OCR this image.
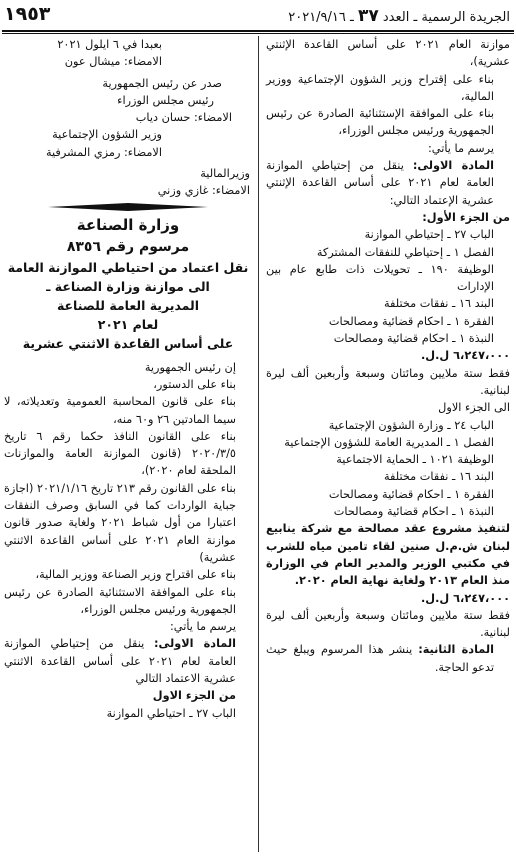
١٩٥٣	الجريدة الرسمية ـ العدد ٣٧ ـ ٢٠٢١/٩/١٦

موازنة العام ٢٠٢١ على أساس القاعدة الإثنتي عشرية)،

بناء على إقتراح وزير الشؤون الإجتماعية ووزير المالية،

بناء على الموافقة الإستثنائية الصادرة عن رئيس الجمهورية ورئيس مجلس الوزراء،

يرسم ما يأتي:

المادة الاولى: ينقل من إحتياطي الموازنة العامة لعام ٢٠٢١ على أساس القاعدة الإثنتي عشرية الإعتماد التالي:

من الجزء الأول:

الباب ٢٧ ـ إحتياطي الموازنة

الفصل ١ ـ إحتياطي للنفقات المشتركة

الوظيفة ١٩٠ ـ تحويلات ذات طابع عام بين الإدارات

البند ١٦ ـ نفقات مختلفة

الفقرة ١ ـ احكام قضائية ومصالحات

النبذة ١ ـ احكام قضائية ومصالحات

٦،٢٤٧،٠٠٠ ل.ل.

فقط ستة ملايين ومائتان وسبعة وأربعين ألف ليرة لبنانية.

الى الجزء الاول

الباب ٢٤ ـ وزارة الشؤون الإجتماعية

الفصل ١ ـ المديرية العامة للشؤون الإجتماعية

الوظيفة ١٠٢١ ـ الحماية الاجتماعية

البند ١٦ ـ نفقات مختلفة

الفقرة ١ ـ احكام قضائية ومصالحات

النبذة ١ ـ احكام قضائية ومصالحات

لتنفيذ مشروع عقد مصالحة مع شركة ينابيع لبنان ش.م.ل صنين لقاء تامين مياه للشرب في مكتبي الوزير والمدير العام في الوزارة منذ العام ٢٠١٣ ولغاية نهاية العام ٢٠٢٠.

٦،٢٤٧،٠٠٠ ل.ل.

فقط ستة ملايين ومائتان وسبعة وأربعين ألف ليرة لبنانية.

المادة الثانية: ينشر هذا المرسوم ويبلغ حيث تدعو الحاجة.

بعبدا في ٦ ايلول ٢٠٢١

الامضاء: ميشال عون

صدر عن رئيس الجمهورية

رئيس مجلس الوزراء

الامضاء: حسان دياب

وزير الشؤون الإجتماعية

الامضاء: رمزي المشرفية

وزيرالمالية

الامضاء: غازي وزني

وزارة الصناعة
مرسوم رقم ٨٣٥٦
نقل اعتماد من احتياطي الموازنة العامة
الى موازنة وزارة الصناعة ـ
المديرية العامة للصناعة
لعام ٢٠٢١
على أساس القاعدة الاثنتي عشرية

إن رئيس الجمهورية

بناء على الدستور،

بناء على قانون المحاسبة العمومية وتعديلاته، لا سيما المادتين ٢٦ و٦٠ منه،

بناء على القانون النافذ حكما رقم ٦ تاريخ ٢٠٢٠/٣/٥ (قانون الموازنة العامة والموازنات الملحقة لعام ٢٠٢٠)،

بناء على القانون رقم ٢١٣ تاريخ ٢٠٢١/١/١٦ (اجازة جباية الواردات كما في السابق وصرف النفقات اعتبارا من أول شباط ٢٠٢١ ولغاية صدور قانون موازنة العام ٢٠٢١ على أساس القاعدة الاثنتي عشرية)

بناء على اقتراح وزير الصناعة ووزير المالية،

بناء على الموافقة الاستثنائية الصادرة عن رئيس الجمهورية ورئيس مجلس الوزراء،

يرسم ما يأتي:

المادة الاولى: ينقل من إحتياطي الموازنة العامة لعام ٢٠٢١ على أساس القاعدة الاثنتي عشرية الاعتماد التالي

من الجزء الاول

الباب ٢٧ ـ احتياطي الموازنة
